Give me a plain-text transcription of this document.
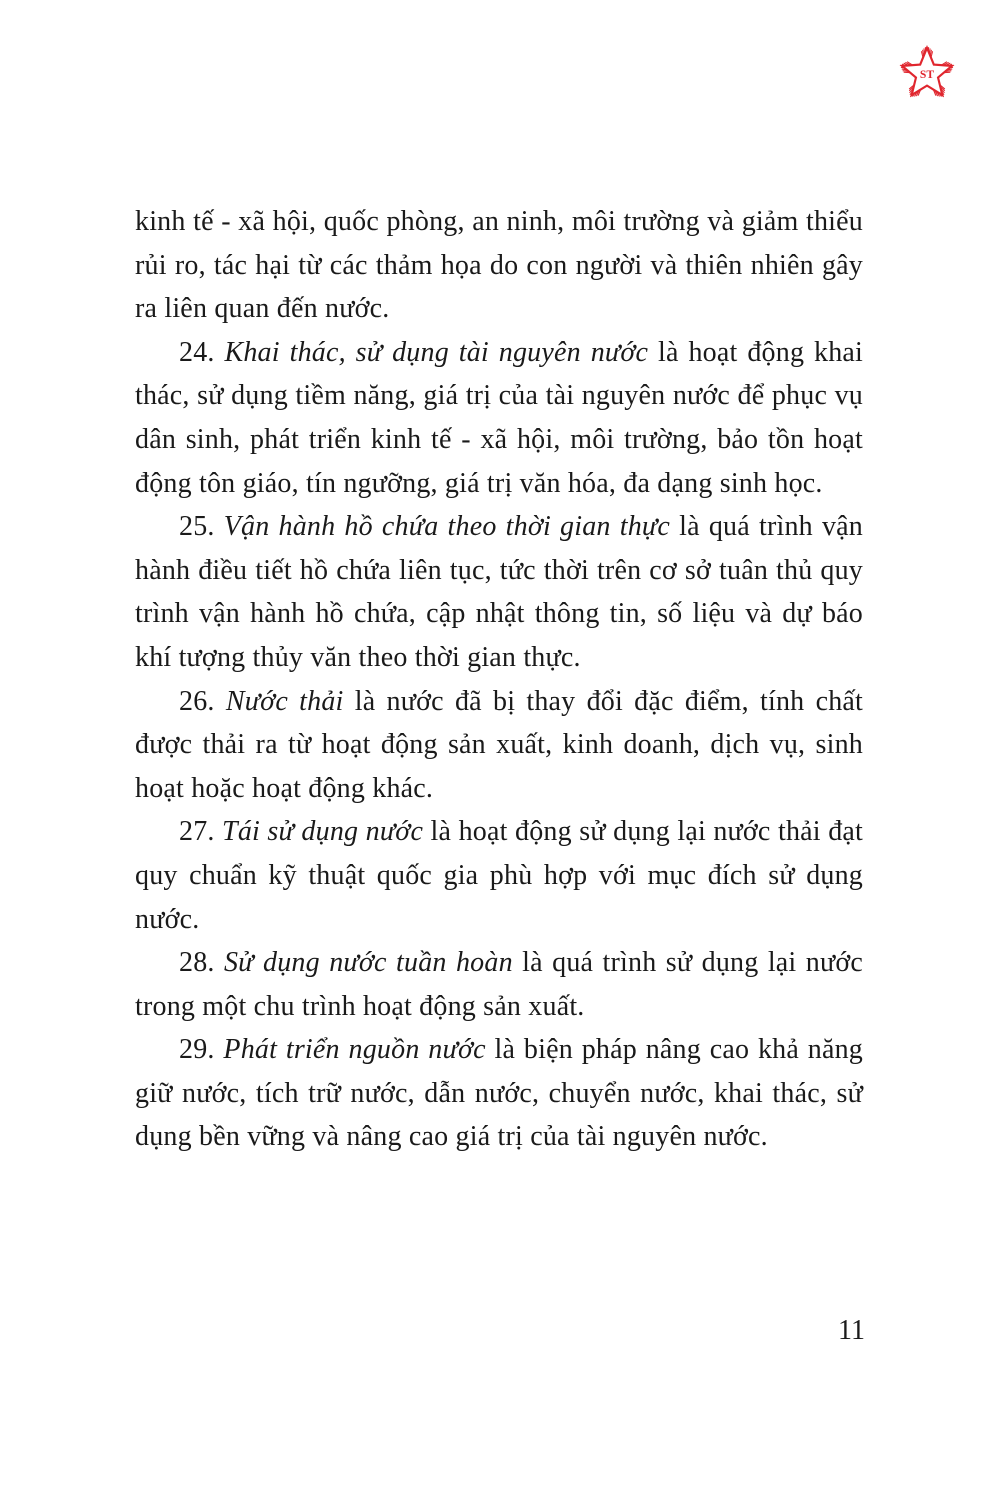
ST

kinh tế - xã hội, quốc phòng, an ninh, môi trường và giảm thiểu rủi ro, tác hại từ các thảm họa do con người và thiên nhiên gây ra liên quan đến nước.

24. Khai thác, sử dụng tài nguyên nước là hoạt động khai thác, sử dụng tiềm năng, giá trị của tài nguyên nước để phục vụ dân sinh, phát triển kinh tế - xã hội, môi trường, bảo tồn hoạt động tôn giáo, tín ngưỡng, giá trị văn hóa, đa dạng sinh học.

25. Vận hành hồ chứa theo thời gian thực là quá trình vận hành điều tiết hồ chứa liên tục, tức thời trên cơ sở tuân thủ quy trình vận hành hồ chứa, cập nhật thông tin, số liệu và dự báo khí tượng thủy văn theo thời gian thực.

26. Nước thải là nước đã bị thay đổi đặc điểm, tính chất được thải ra từ hoạt động sản xuất, kinh doanh, dịch vụ, sinh hoạt hoặc hoạt động khác.

27. Tái sử dụng nước là hoạt động sử dụng lại nước thải đạt quy chuẩn kỹ thuật quốc gia phù hợp với mục đích sử dụng nước.

28. Sử dụng nước tuần hoàn là quá trình sử dụng lại nước trong một chu trình hoạt động sản xuất.

29. Phát triển nguồn nước là biện pháp nâng cao khả năng giữ nước, tích trữ nước, dẫn nước, chuyển nước, khai thác, sử dụng bền vững và nâng cao giá trị của tài nguyên nước.

11
